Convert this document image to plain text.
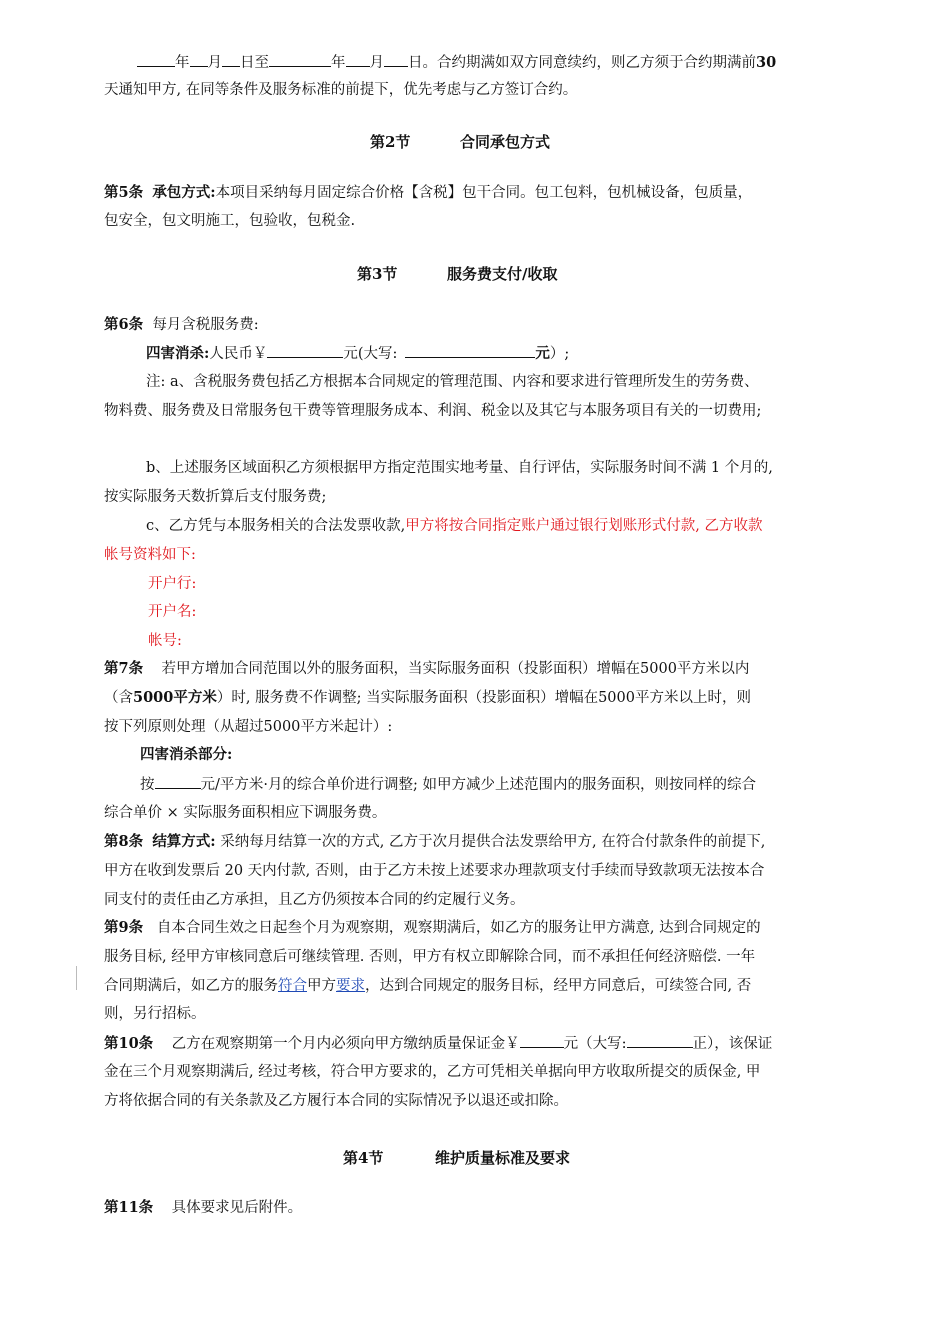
年 月 日至	年 月 日。合约期满如双方同意续约，则乙方须于合约期满前30
天通知甲方, 在同等条件及服务标准的前提下，优先考虑与乙方签订合约。
第2节	合同承包方式
第5条 承包方式:本项目采纳每月固定综合价格【含税】包干合同。包工包料，包机械设备，包质量，
包安全，包文明施工，包验收，包税金.
第3节	服务费支付/收取
第6条 每月含税服务费:
四害消杀:人民币￥	元(大写:	元）;
注: a、含税服务费包括乙方根据本合同规定的管理范围、内容和要求进行管理所发生的劳务费、
物料费、服务费及日常服务包干费等管理服务成本、利润、税金以及其它与本服务项目有关的一切费用;
b、上述服务区域面积乙方须根据甲方指定范围实地考量、自行评估，实际服务时间不满 1 个月的,
按实际服务天数折算后支付服务费;
c、乙方凭与本服务相关的合法发票收款,甲方将按合同指定账户通过银行划账形式付款, 乙方收款
帐号资料如下:
开户行:
开户名:
帐号:
第7条 若甲方增加合同范围以外的服务面积，当实际服务面积（投影面积）增幅在5000平方米以内
（含5000平方米）时, 服务费不作调整; 当实际服务面积（投影面积）增幅在5000平方米以上时，则
按下列原则处理（从超过5000平方米起计）:
四害消杀部分:
按	元/平方米·月的综合单价进行调整; 如甲方减少上述范围内的服务面积，则按同样的综合
综合单价 × 实际服务面积相应下调服务费。
第8条 结算方式: 采纳每月结算一次的方式, 乙方于次月提供合法发票给甲方, 在符合付款条件的前提下,
甲方在收到发票后 20 天内付款, 否则，由于乙方未按上述要求办理款项支付手续而导致款项无法按本合
同支付的责任由乙方承担，且乙方仍须按本合同的约定履行义务。
第9条 自本合同生效之日起叁个月为观察期，观察期满后，如乙方的服务让甲方满意, 达到合同规定的
服务目标, 经甲方审核同意后可继续管理. 否则，甲方有权立即解除合同，而不承担任何经济赔偿. 一年
合同期满后，如乙方的服务符合甲方要求，达到合同规定的服务目标，经甲方同意后，可续签合同, 否
则，另行招标。
第10条 乙方在观察期第一个月内必须向甲方缴纳质量保证金￥	元（大写:	正），该保证
金在三个月观察期满后, 经过考核，符合甲方要求的，乙方可凭相关单据向甲方收取所提交的质保金, 甲
方将依据合同的有关条款及乙方履行本合同的实际情况予以退还或扣除。
第4节	维护质量标准及要求
第11条 具体要求见后附件。
